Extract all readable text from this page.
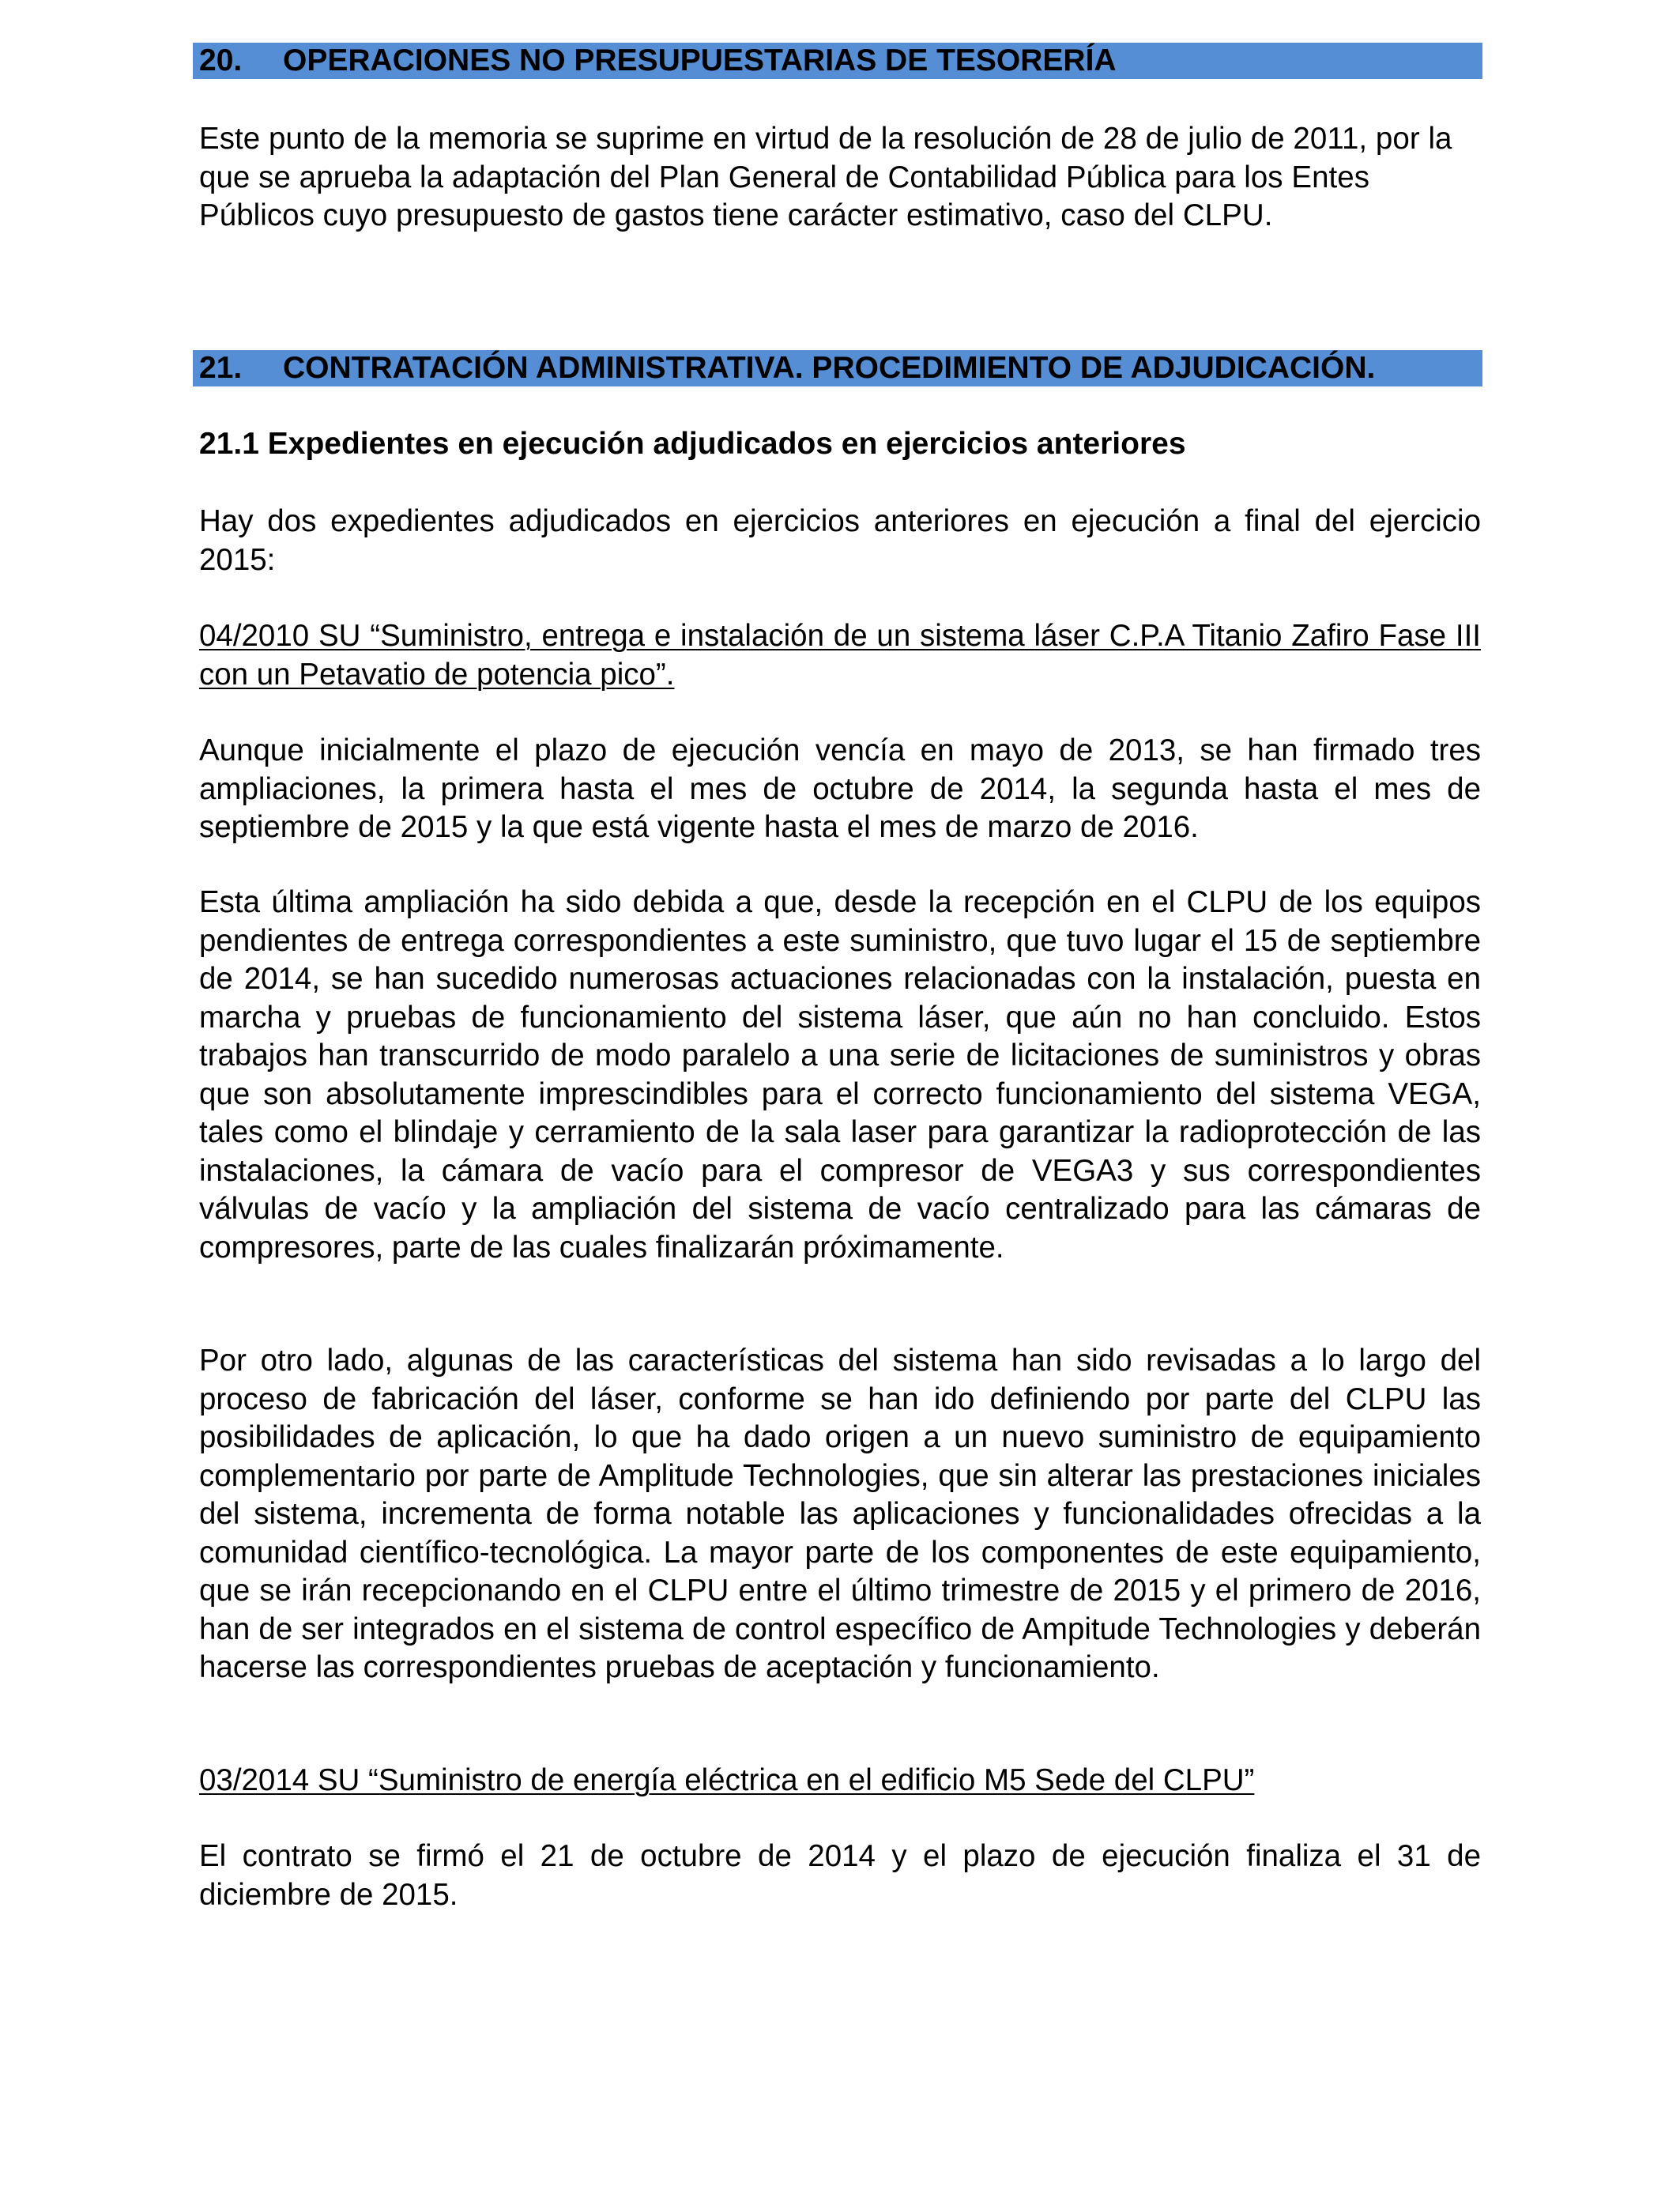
20. OPERACIONES NO PRESUPUESTARIAS DE TESORERÍA

Este punto de la memoria se suprime en virtud de la resolución de 28 de julio de 2011, por la que se aprueba la adaptación del Plan General de Contabilidad Pública para los Entes Públicos cuyo presupuesto de gastos tiene carácter estimativo, caso del CLPU.

21. CONTRATACIÓN ADMINISTRATIVA. PROCEDIMIENTO DE ADJUDICACIÓN.

21.1 Expedientes en ejecución adjudicados en ejercicios anteriores

Hay dos expedientes adjudicados en ejercicios anteriores en ejecución a final del ejercicio 2015:

04/2010 SU “Suministro, entrega e instalación de un sistema láser C.P.A Titanio Zafiro Fase III con un Petavatio de potencia pico”.

Aunque inicialmente el plazo de ejecución vencía en mayo de 2013, se han firmado tres ampliaciones, la primera hasta el mes de octubre de 2014, la segunda hasta el mes de septiembre de 2015 y la que está vigente hasta el mes de marzo de 2016.

Esta última ampliación ha sido debida a que, desde la recepción en el CLPU de los equipos pendientes de entrega correspondientes a este suministro, que tuvo lugar el 15 de septiembre de 2014, se han sucedido numerosas actuaciones relacionadas con la instalación, puesta en marcha y pruebas de funcionamiento del sistema láser, que aún no han concluido. Estos trabajos han transcurrido de modo paralelo a una serie de licitaciones de suministros y obras que son absolutamente imprescindibles para el correcto funcionamiento del sistema VEGA, tales como el blindaje y cerramiento de la sala laser para garantizar la radioprotección de las instalaciones, la cámara de vacío para el compresor de VEGA3 y sus correspondientes válvulas de vacío y la ampliación del sistema de vacío centralizado para las cámaras de compresores, parte de las cuales finalizarán próximamente.

Por otro lado, algunas de las características del sistema han sido revisadas a lo largo del proceso de fabricación del láser, conforme se han ido definiendo por parte del CLPU las posibilidades de aplicación, lo que ha dado origen a un nuevo suministro de equipamiento complementario por parte de Amplitude Technologies, que sin alterar las prestaciones iniciales del sistema, incrementa de forma notable las aplicaciones y funcionalidades ofrecidas a la comunidad científico-tecnológica. La mayor parte de los componentes de este equipamiento, que se irán recepcionando en el CLPU entre el último trimestre de 2015 y el primero de 2016, han de ser integrados en el sistema de control específico de Ampitude Technologies y deberán hacerse las correspondientes pruebas de aceptación y funcionamiento.

03/2014 SU “Suministro de energía eléctrica en el edificio M5 Sede del CLPU”

El contrato se firmó el 21 de octubre de 2014 y el plazo de ejecución finaliza el 31 de diciembre de 2015.
